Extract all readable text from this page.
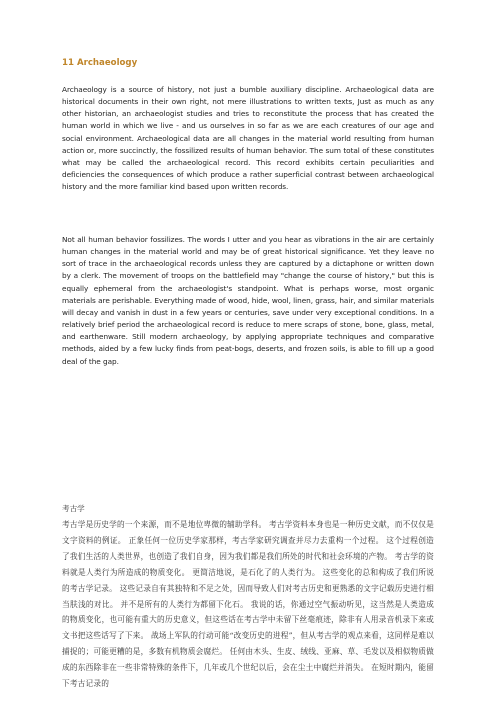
11 Archaeology

Archaeology is a source of history, not just a bumble auxiliary discipline. Archaeological data are historical documents in their own right, not mere illustrations to written texts, Just as much as any other historian, an archaeologist studies and tries to reconstitute the process that has created the human world in which we live - and us ourselves in so far as we are each creatures of our age and social environment. Archaeological data are all changes in the material world resulting from human action or, more succinctly, the fossilized results of human behavior. The sum total of these constitutes what may be called the archaeological record. This record exhibits certain peculiarities and deficiencies the consequences of which produce a rather superficial contrast between archaeological history and the more familiar kind based upon written records.

Not all human behavior fossilizes. The words I utter and you hear as vibrations in the air are certainly human changes in the material world and may be of great historical significance. Yet they leave no sort of trace in the archaeological records unless they are captured by a dictaphone or written down by a clerk. The movement of troops on the battlefield may "change the course of history," but this is equally ephemeral from the archaeologist's standpoint. What is perhaps worse, most organic materials are perishable. Everything made of wood, hide, wool, linen, grass, hair, and similar materials will decay and vanish in dust in a few years or centuries, save under very exceptional conditions. In a relatively brief period the archaeological record is reduce to mere scraps of stone, bone, glass, metal, and earthenware. Still modern archaeology, by applying appropriate techniques and comparative methods, aided by a few lucky finds from peat-bogs, deserts, and frozen soils, is able to fill up a good deal of the gap.

考古学

考古学是历史学的一个来源，而不是地位卑微的辅助学科。 考古学资料本身也是一种历史文献，而不仅仅是文字资料的例证。 正象任何一位历史学家那样，考古学家研究调查并尽力去重构一个过程。 这个过程创造了我们生活的人类世界，也创造了我们自身，因为我们都是我们所处的时代和社会环境的产物。 考古学的资料就是人类行为所造成的物质变化。 更简洁地说，是石化了的人类行为。 这些变化的总和构成了我们所说的考古学记录。 这些记录自有其独特和不足之处，因而导致人们对考古历史和更熟悉的文字记载历史进行相当肤浅的对比。 并不是所有的人类行为都留下化石。 我说的话，你通过空气振动听见，这当然是人类造成的物质变化，也可能有重大的历史意义，但这些话在考古学中未留下丝毫痕迹，除非有人用录音机录下来或文书把这些话写了下来。 战场上军队的行动可能“改变历史的进程”，但从考古学的观点来看，这同样是难以捕捉的；可能更糟的是，多数有机物质会腐烂。 任何由木头、生皮、绒线、亚麻、草、毛发以及相似物质做成的东西除非在一些非常特殊的条件下，几年或几个世纪以后，会在尘土中腐烂并消失。 在短时期内，能留下考古记录的
